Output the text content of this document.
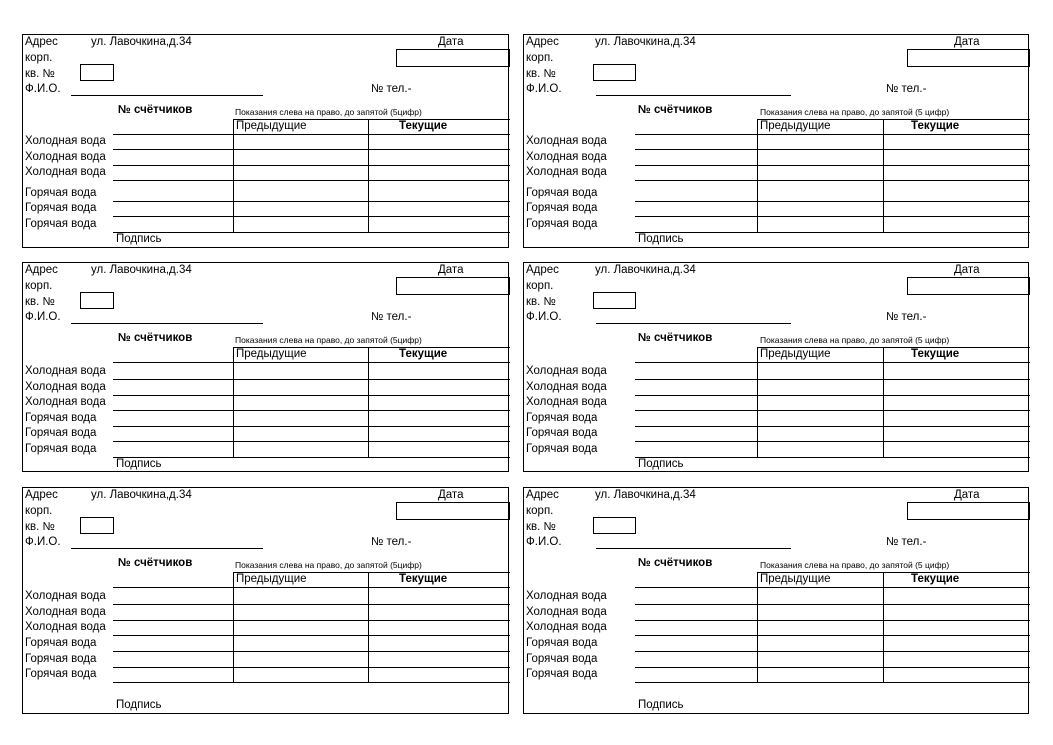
Адрес	ул. Лавочкина,д.34	Дата
корп.
кв. №
Ф.И.О.	№ тел.-
№ счётчиков	Показания слева на право, до запятой (5цифр)
Предыдущие	Текущие
Холодная вода
Холодная вода
Холодная вода
Горячая вода
Горячая вода
Горячая вода
Подпись
Адрес	ул. Лавочкина,д.34	Дата
корп.
кв. №
Ф.И.О.	№ тел.-
№ счётчиков	Показания слева на право, до запятой (5 цифр)
Предыдущие	Текущие
Холодная вода
Холодная вода
Холодная вода
Горячая вода
Горячая вода
Горячая вода
Подпись
Адрес	ул. Лавочкина,д.34	Дата
корп.
кв. №
Ф.И.О.	№ тел.-
№ счётчиков	Показания слева на право, до запятой (5цифр)
Предыдущие	Текущие
Холодная вода
Холодная вода
Холодная вода
Горячая вода
Горячая вода
Горячая вода
Подпись
Адрес	ул. Лавочкина,д.34	Дата
корп.
кв. №
Ф.И.О.	№ тел.-
№ счётчиков	Показания слева на право, до запятой (5 цифр)
Предыдущие	Текущие
Холодная вода
Холодная вода
Холодная вода
Горячая вода
Горячая вода
Горячая вода
Подпись
Адрес	ул. Лавочкина,д.34	Дата
корп.
кв. №
Ф.И.О.	№ тел.-
№ счётчиков	Показания слева на право, до запятой (5цифр)
Предыдущие	Текущие
Холодная вода
Холодная вода
Холодная вода
Горячая вода
Горячая вода
Горячая вода
Подпись
Адрес	ул. Лавочкина,д.34	Дата
корп.
кв. №
Ф.И.О.	№ тел.-
№ счётчиков	Показания слева на право, до запятой (5 цифр)
Предыдущие	Текущие
Холодная вода
Холодная вода
Холодная вода
Горячая вода
Горячая вода
Горячая вода
Подпись
